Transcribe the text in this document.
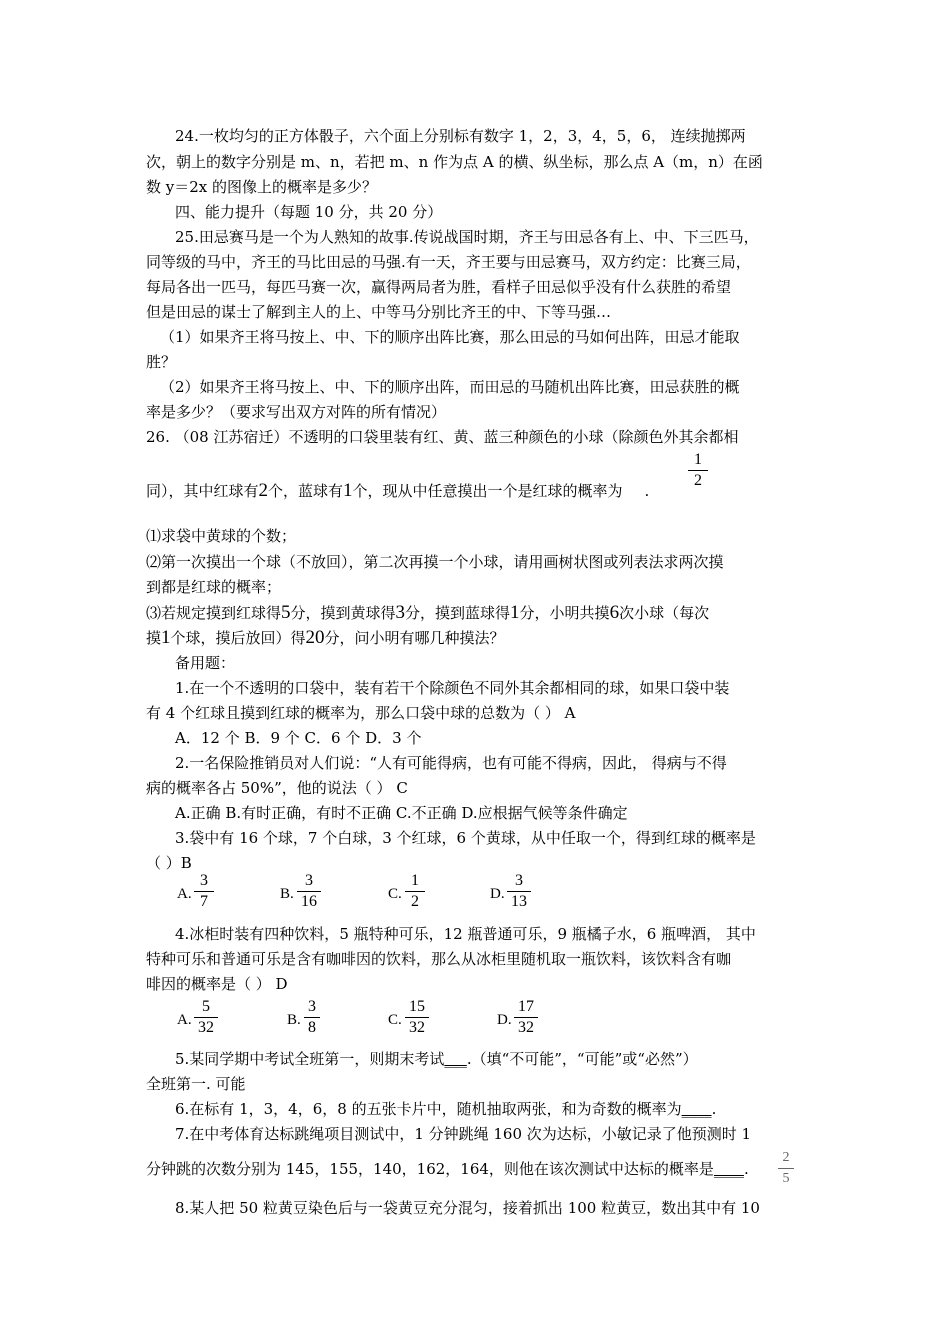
24.一枚均匀的正方体骰子，六个面上分别标有数字 1，2，3，4，5，6， 连续抛掷两
次，朝上的数字分别是 m、n，若把 m、n 作为点 A 的横、纵坐标，那么点 A（m，n）在函
数 y＝2x 的图像上的概率是多少？
四、能力提升（每题 10 分，共 20 分）
25.田忌赛马是一个为人熟知的故事.传说战国时期，齐王与田忌各有上、中、下三匹马，
同等级的马中，齐王的马比田忌的马强.有一天，齐王要与田忌赛马，双方约定：比赛三局，
每局各出一匹马，每匹马赛一次，赢得两局者为胜，看样子田忌似乎没有什么获胜的希望
但是田忌的谋士了解到主人的上、中等马分别比齐王的中、下等马强…
（1）如果齐王将马按上、中、下的顺序出阵比赛，那么田忌的马如何出阵，田忌才能取
胜？
（2）如果齐王将马按上、中、下的顺序出阵，而田忌的马随机出阵比赛，田忌获胜的概
率是多少？（要求写出双方对阵的所有情况）
26. （08 江苏宿迁）不透明的口袋里装有红、黄、蓝三种颜色的小球（除颜色外其余都相
同），其中红球有2个，蓝球有1个，现从中任意摸出一个是红球的概率为 .
1
2
⑴求袋中黄球的个数；
⑵第一次摸出一个球（不放回），第二次再摸一个小球，请用画树状图或列表法求两次摸
到都是红球的概率；
⑶若规定摸到红球得5分，摸到黄球得3分，摸到蓝球得1分，小明共摸6次小球（每次
摸1个球，摸后放回）得20分，问小明有哪几种摸法？
备用题：
1.在一个不透明的口袋中，装有若干个除颜色不同外其余都相同的球，如果口袋中装
有 4 个红球且摸到红球的概率为，那么口袋中球的总数为（ ） A
A．12 个 B．9 个 C．6 个 D．3 个
2.一名保险推销员对人们说：“人有可能得病，也有可能不得病，因此， 得病与不得
病的概率各占 50%”，他的说法（ ） C
A.正确 B.有时正确，有时不正确 C.不正确 D.应根据气候等条件确定
3.袋中有 16 个球，7 个白球，3 个红球，6 个黄球，从中任取一个，得到红球的概率是
（ ）B
A.
3
7	B.
3
16	C.
1
2	D.
3
13
4.冰柜时装有四种饮料，5 瓶特种可乐，12 瓶普通可乐，9 瓶橘子水，6 瓶啤酒， 其中
特种可乐和普通可乐是含有咖啡因的饮料，那么从冰柜里随机取一瓶饮料，该饮料含有咖
啡因的概率是（ ） D
A.
5
32	B.
3
8	C.
15
32	D.
17
32
5.某同学期中考试全班第一，则期末考试___.（填“不可能”，“可能”或“必然”）
全班第一. 可能
6.在标有 1，3，4，6，8 的五张卡片中，随机抽取两张，和为奇数的概率为____.
7.在中考体育达标跳绳项目测试中，1 分钟跳绳 160 次为达标，小敏记录了他预测时 1
分钟跳的次数分别为 145，155，140，162，164，则他在该次测试中达标的概率是____.
2
5
8.某人把 50 粒黄豆染色后与一袋黄豆充分混匀，接着抓出 100 粒黄豆，数出其中有 10
